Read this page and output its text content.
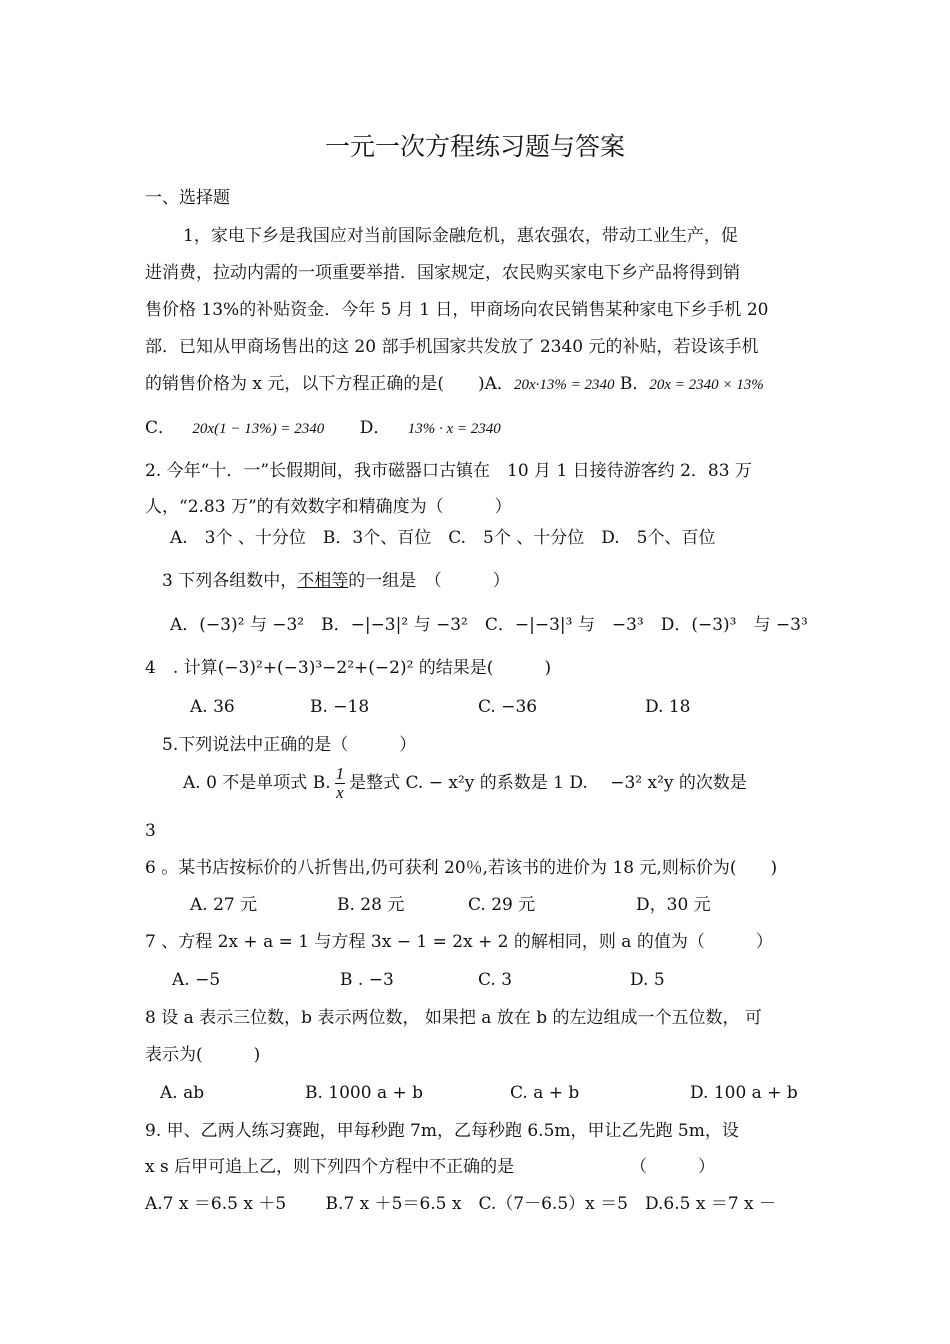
一元一次方程练习题与答案
一、选择题
1，家电下乡是我国应对当前国际金融危机，惠农强农，带动工业生产，促
进消费，拉动内需的一项重要举措．国家规定，农民购买家电下乡产品将得到销
售价格 13%的补贴资金．今年 5 月 1 日，甲商场向农民销售某种家电下乡手机 20
部．已知从甲商场售出的这 20 部手机国家共发放了 2340 元的补贴，若设该手机
的销售价格为 x 元，以下方程正确的是(　　)A．20x·13% = 2340 B．20x = 2340 × 13%
C． 20x(1 − 13%) = 2340 D． 13% · x = 2340
2. 今年“十．一”长假期间，我市磁器口古镇在　10 月 1 日接待游客约 2．83 万
人，“2.83 万”的有效数字和精确度为（　　　）
A.　3个 、十分位　B．3个、百位　C.　5个 、十分位　D.　5个、百位
3 下列各组数中，不相等的一组是　（　　　）
A．(−3)² 与 −3²　B．−|−3|² 与 −3²　C．−|−3|³ 与　−3³　D．(−3)³　与 −3³
4　. 计算(−3)²+(−3)³−2²+(−2)² 的结果是(　　　)
A. 36	B. −18	C. −36	D. 18
5.下列说法中正确的是（　　　）
A. 0 不是单项式 B. $\frac{1}{x}$ 是整式 C. − x²y 的系数是 1 D.　 −3² x²y 的次数是
3
6 。某书店按标价的八折售出,仍可获利 20％,若该书的进价为 18 元,则标价为(　　)
A. 27 元	B. 28 元	C. 29 元	D，30 元
7 、方程 2x + a = 1 与方程 3x − 1 = 2x + 2 的解相同，则 a 的值为（　　　）
A. −5	B . −3	C. 3	D. 5
8 设 a 表示三位数，b 表示两位数， 如果把 a 放在 b 的左边组成一个五位数， 可
表示为(　　　)
A. ab	B. 1000 a + b	C. a + b	D. 100 a + b
9. 甲、乙两人练习赛跑，甲每秒跑 7m，乙每秒跑 6.5m，甲让乙先跑 5m，设
x s 后甲可追上乙，则下列四个方程中不正确的是	（　　　）
A.7 x ＝6.5 x ＋5　　 B.7 x ＋5＝6.5 x　C.（7－6.5）x ＝5　D.6.5 x ＝7 x －
